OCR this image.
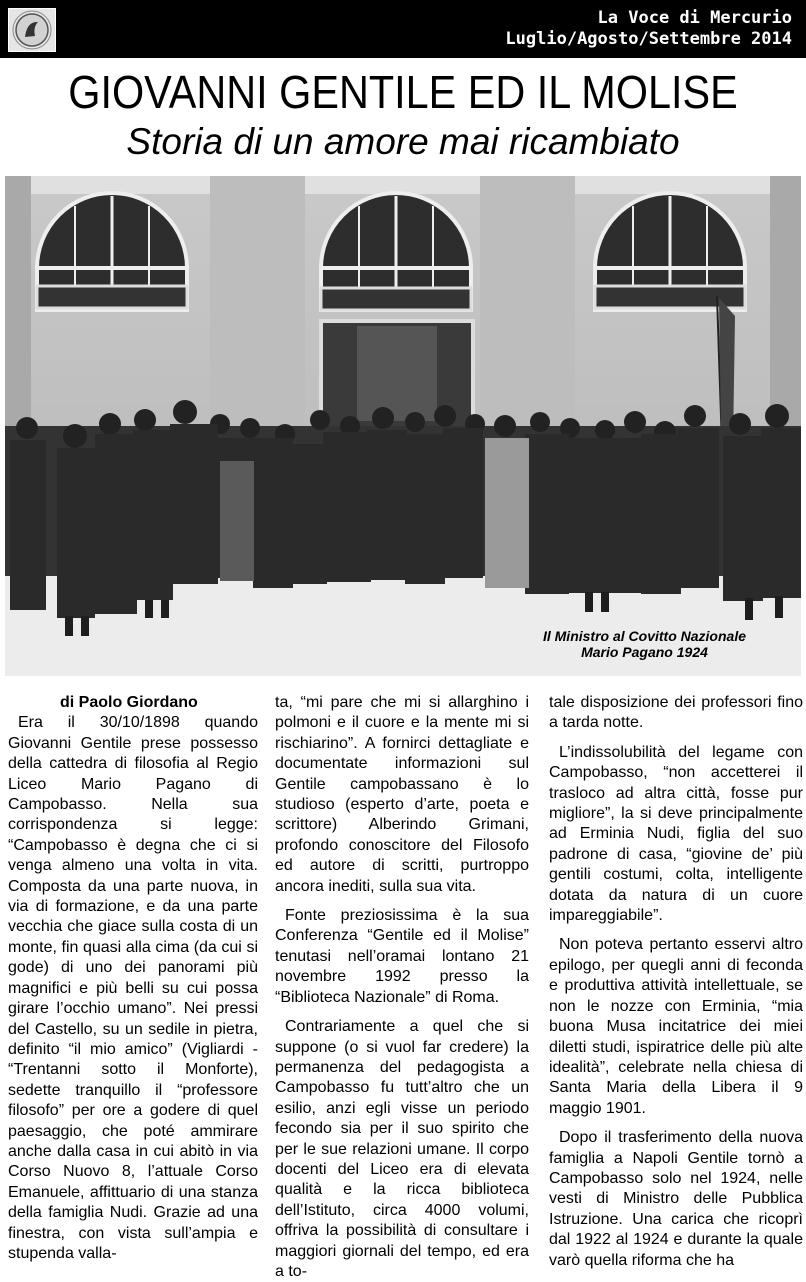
La Voce di Mercurio
Luglio/Agosto/Settembre 2014
GIOVANNI GENTILE ED IL MOLISE
Storia di un amore mai ricambiato
Il Ministro al Covitto Nazionale
Mario Pagano 1924

di Paolo Giordano

Era il 30/10/1898 quando Giovanni Gentile prese possesso della cattedra di filosofia al Regio Liceo Mario Pagano di Campobasso. Nella sua corrispondenza si legge: “Campobasso è degna che ci si venga almeno una volta in vita. Composta da una parte nuova, in via di formazione, e da una parte vecchia che giace sulla costa di un monte, fin quasi alla cima (da cui si gode) di uno dei panorami più magnifici e più belli su cui possa girare l’occhio umano”. Nei pressi del Castello, su un sedile in pietra, definito “il mio amico” (Vigliardi - “Trentanni sotto il Monforte), sedette tranquillo il “professore filosofo” per ore a godere di quel paesaggio, che poté ammirare anche dalla casa in cui abitò in via Corso Nuovo 8, l’attuale Corso Emanuele, affittuario di una stanza della famiglia Nudi. Grazie ad una finestra, con vista sull’ampia e stupenda valla-

ta, “mi pare che mi si allarghino i polmoni e il cuore e la mente mi si rischiarino”. A fornirci dettagliate e documentate informazioni sul Gentile campobassano è lo studioso (esperto d’arte, poeta e scrittore) Alberindo Grimani, profondo conoscitore del Filosofo ed autore di scritti, purtroppo ancora inediti, sulla sua vita.

Fonte preziosissima è la sua Conferenza “Gentile ed il Molise” tenutasi nell’oramai lontano 21 novembre 1992 presso la “Biblioteca Nazionale” di Roma.

Contrariamente a quel che si suppone (o si vuol far credere) la permanenza del pedagogista a Campobasso fu tutt’altro che un esilio, anzi egli visse un periodo fecondo sia per il suo spirito che per le sue relazioni umane. Il corpo docenti del Liceo era di elevata qualità e la ricca biblioteca dell’Istituto, circa 4000 volumi, offriva la possibilità di consultare i maggiori giornali del tempo, ed era a to-

tale disposizione dei professori fino a tarda notte.

L’indissolubilità del legame con Campobasso, “non accetterei il trasloco ad altra città, fosse pur migliore”, la si deve principalmente ad Erminia Nudi, figlia del suo padrone di casa, “giovine de’ più gentili costumi, colta, intelligente dotata da natura di un cuore impareggiabile”.

Non poteva pertanto esservi altro epilogo, per quegli anni di feconda e produttiva attività intellettuale, se non le nozze con Erminia, “mia buona Musa incitatrice dei miei diletti studi, ispiratrice delle più alte idealità”, celebrate nella chiesa di Santa Maria della Libera il 9 maggio 1901.

Dopo il trasferimento della nuova famiglia a Napoli Gentile tornò a Campobasso solo nel 1924, nelle vesti di Ministro delle Pubblica Istruzione. Una carica che ricoprì dal 1922 al 1924 e durante la quale varò quella riforma che ha
